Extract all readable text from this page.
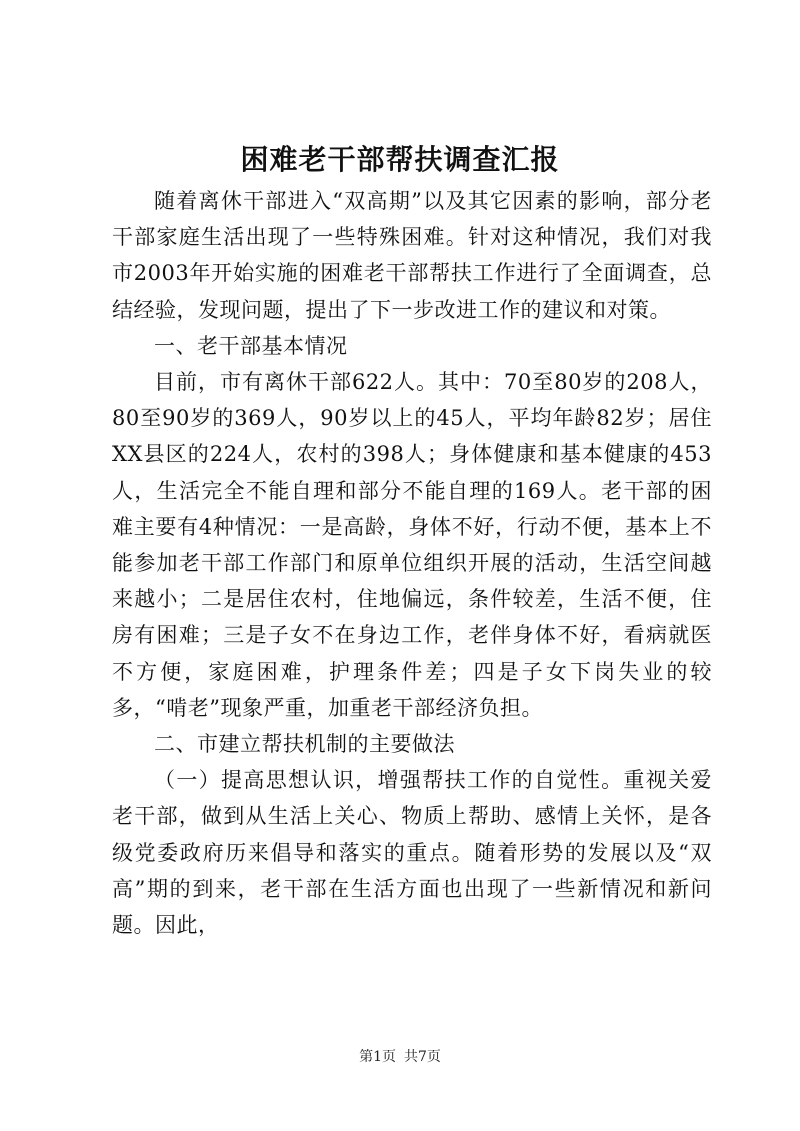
困难老干部帮扶调查汇报

随着离休干部进入“双高期”以及其它因素的影响，部分老干部家庭生活出现了一些特殊困难。针对这种情况，我们对我市2003年开始实施的困难老干部帮扶工作进行了全面调查，总结经验，发现问题，提出了下一步改进工作的建议和对策。

一、老干部基本情况

目前，市有离休干部622人。其中：70至80岁的208人，80至90岁的369人，90岁以上的45人，平均年龄82岁；居住XX县区的224人，农村的398人；身体健康和基本健康的453人，生活完全不能自理和部分不能自理的169人。老干部的困难主要有4种情况：一是高龄，身体不好，行动不便，基本上不能参加老干部工作部门和原单位组织开展的活动，生活空间越来越小；二是居住农村，住地偏远，条件较差，生活不便，住房有困难；三是子女不在身边工作，老伴身体不好，看病就医不方便，家庭困难，护理条件差；四是子女下岗失业的较多，“啃老”现象严重，加重老干部经济负担。

二、市建立帮扶机制的主要做法

（一）提高思想认识，增强帮扶工作的自觉性。重视关爱老干部，做到从生活上关心、物质上帮助、感情上关怀，是各级党委政府历来倡导和落实的重点。随着形势的发展以及“双高”期的到来，老干部在生活方面也出现了一些新情况和新问题。因此，

第1页 共7页
